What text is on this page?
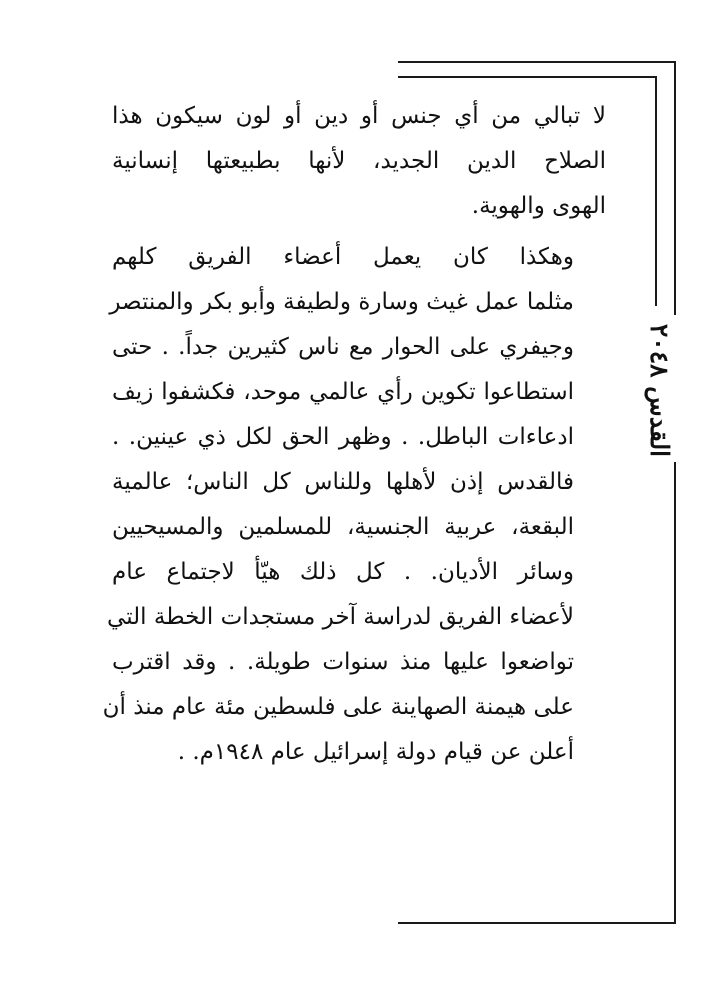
القدس ٢٠٤٨

لا تبالي من أي جنس أو دين أو لون سيكون هذا
الصلاح الدين الجديد، لأنها بطبيعتها إنسانية
الهوى والهوية.

وهكذا كان يعمل أعضاء الفريق كلهم
مثلما عمل غيث وسارة ولطيفة وأبو بكر والمنتصر
وجيفري على الحوار مع ناس كثيرين جداً. . حتى
استطاعوا تكوين رأي عالمي موحد، فكشفوا زيف
ادعاءات الباطل. . وظهر الحق لكل ذي عينين. .
فالقدس إذن لأهلها وللناس كل الناس؛ عالمية
البقعة، عربية الجنسية، للمسلمين والمسيحيين
وسائر الأديان. . كل ذلك هيّأ لاجتماع عام
لأعضاء الفريق لدراسة آخر مستجدات الخطة التي
تواضعوا عليها منذ سنوات طويلة. . وقد اقترب
على هيمنة الصهاينة على فلسطين مئة عام منذ أن
أعلن عن قيام دولة إسرائيل عام ١٩٤٨م. .
